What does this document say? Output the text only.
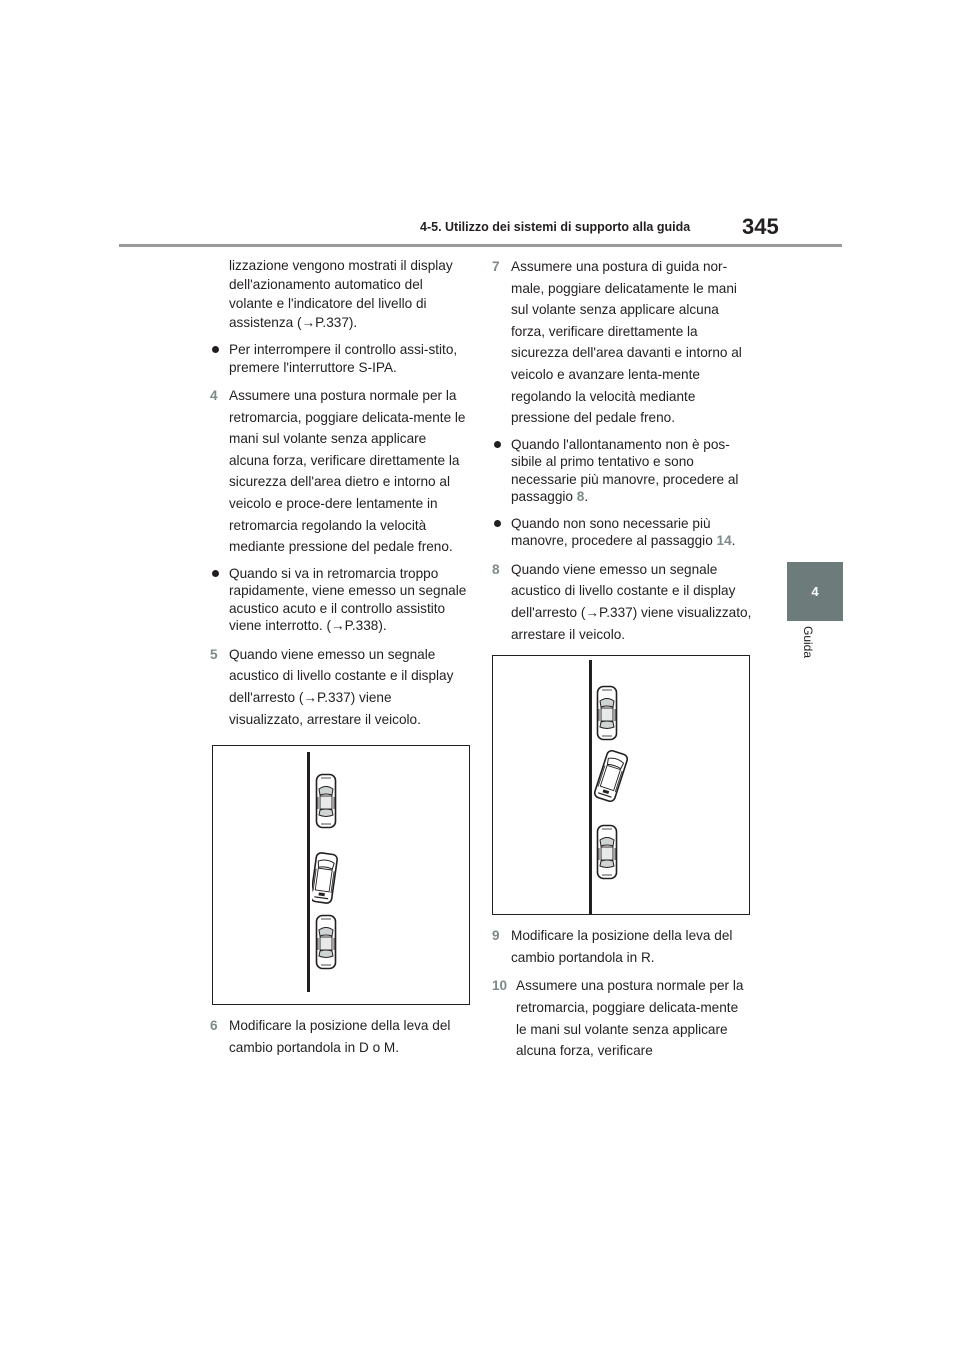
4-5. Utilizzo dei sistemi di supporto alla guida 345
4
Guida

lizzazione vengono mostrati il display dell'azionamento automatico del volante e l'indicatore del livello di assistenza (→P.337).

Per interrompere il controllo assi-stito, premere l'interruttore S-IPA.
4 Assumere una postura normale per la retromarcia, poggiare delicata-mente le mani sul volante senza applicare alcuna forza, verificare direttamente la sicurezza dell'area dietro e intorno al veicolo e proce-dere lentamente in retromarcia regolando la velocità mediante pressione del pedale freno.
Quando si va in retromarcia troppo rapidamente, viene emesso un segnale acustico acuto e il controllo assistito viene interrotto. (→P.338).
5 Quando viene emesso un segnale acustico di livello costante e il display dell'arresto (→P.337) viene visualizzato, arrestare il veicolo.
6 Modificare la posizione della leva del cambio portandola in D o M.
7 Assumere una postura di guida nor-male, poggiare delicatamente le mani sul volante senza applicare alcuna forza, verificare direttamente la sicurezza dell'area davanti e intorno al veicolo e avanzare lenta-mente regolando la velocità mediante pressione del pedale freno.
Quando l'allontanamento non è pos-sibile al primo tentativo e sono necessarie più manovre, procedere al passaggio 8.
Quando non sono necessarie più manovre, procedere al passaggio 14.
8 Quando viene emesso un segnale acustico di livello costante e il display dell'arresto (→P.337) viene visualizzato, arrestare il veicolo.
9 Modificare la posizione della leva del cambio portandola in R.
10 Assumere una postura normale per la retromarcia, poggiare delicata-mente le mani sul volante senza applicare alcuna forza, verificare
